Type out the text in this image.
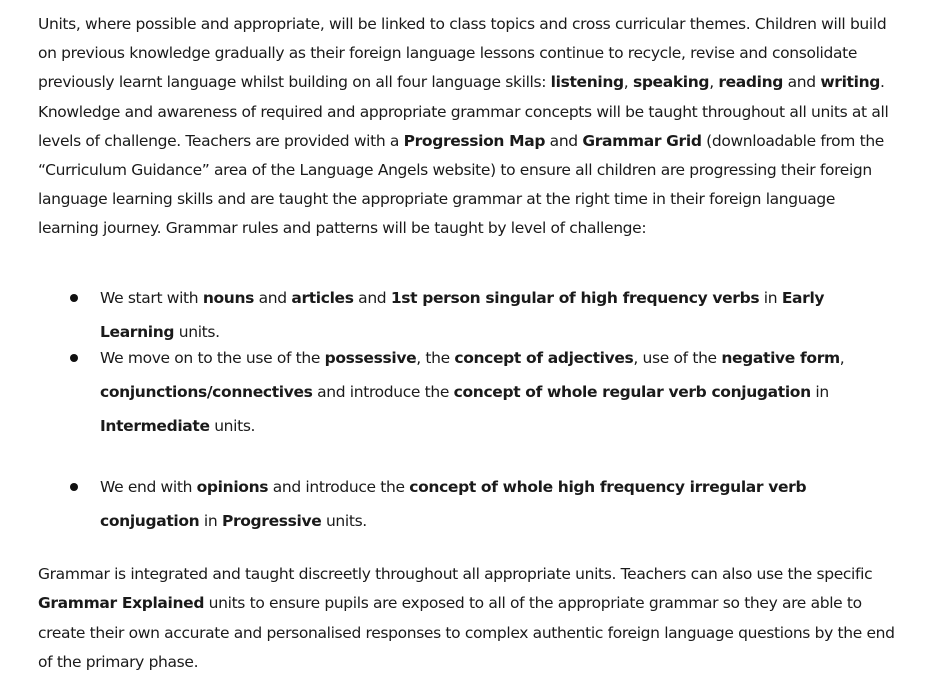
Units, where possible and appropriate, will be linked to class topics and cross curricular themes. Children will build on previous knowledge gradually as their foreign language lessons continue to recycle, revise and consolidate previously learnt language whilst building on all four language skills: listening, speaking, reading and writing. Knowledge and awareness of required and appropriate grammar concepts will be taught throughout all units at all levels of challenge. Teachers are provided with a Progression Map and Grammar Grid (downloadable from the “Curriculum Guidance” area of the Language Angels website) to ensure all children are progressing their foreign language learning skills and are taught the appropriate grammar at the right time in their foreign language learning journey. Grammar rules and patterns will be taught by level of challenge:

We start with nouns and articles and 1st person singular of high frequency verbs in Early Learning units.
We move on to the use of the possessive, the concept of adjectives, use of the negative form, conjunctions/connectives and introduce the concept of whole regular verb conjugation in Intermediate units.
We end with opinions and introduce the concept of whole high frequency irregular verb conjugation in Progressive units.

Grammar is integrated and taught discreetly throughout all appropriate units. Teachers can also use the specific Grammar Explained units to ensure pupils are exposed to all of the appropriate grammar so they are able to create their own accurate and personalised responses to complex authentic foreign language questions by the end of the primary phase.
